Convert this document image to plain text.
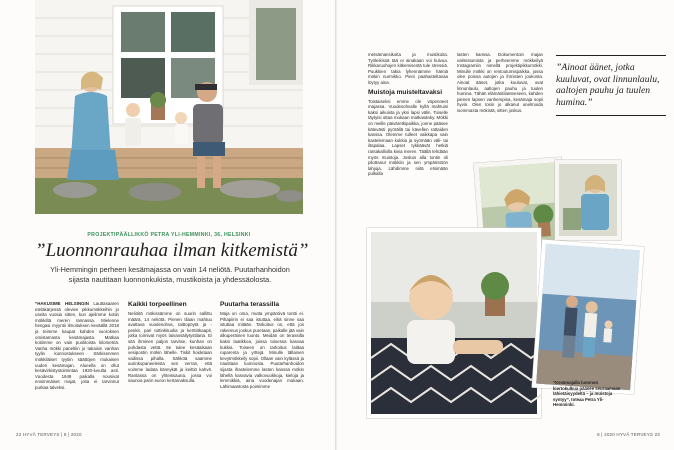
PROJEKTIPÄÄLLIKKÖ PETRA YLI-HEMMINKI, 36, HELSINKI
”Luonnonrauhaa ilman kitkemistä”
Yli-Hemmingin perheen kesämajassa on vain 14 neliötä. Puutarhanhoidon sijasta nautitaan luonnonkukista, mustikoista ja yhdessäolosta.

”HAKUSIME HELSINGIN Lauttasaaren eteläkärjessä olevien pikkumökkeihin jo useita vuosia sitten, kun ajelimme kotiin mökkiltä meren rannassa. Mielenne hengasi myyntii ilmoituksen keväällä 2018 ja teimme kaupat kahden vuoroksen omistamasta kesämajasta. Matkaa kotiimme on vain puolitoista kilometriä. Vanha mökki paneltiin jo takaisin vanhan tyylin kunnostukseen Särkisenmen mökkiläiset tyytiin säättöjen mukaisen uuden kesämajan. Alueella on ollut kesävirkistystoimintaa 1920-luvulta asti. Vuodesta 1949 paikalla nousivat ensimmäiset majat, joita ei tarvinnut purkaa talveksi.

Kaikki torpeellinen

Neliöitä mökissämme on suurin sallittu määrä, 14 neliötä. Pienen tilaan mahtuu avattava vuodesohva, taittopöytä ja -penkit, pari tottinkituolia ja kerttiökaapit, jotka toimivat myös laivansäilytystilana. Ei sitä ihminen paljon tarvitse, kunhan on puhdasta vettä. Se tulee kesäaikaan vesipostin mökin lähelle. Tiskit hoidetaan vadissa pihalla. Sähköä saamme aurinkopaneeleista sen verran, että voimme ladata kännykät ja keittiö kahvit. Rantassa on yhteissauna, jossa voi saunoa parin euron kertamaksulla.

Puutarha terassilla

Maja on oma, mutta ympäröivä tontti ei. Pihapiirin ei saa istuttaa, eikä sinne saa istuttaa mitään. Tarkoitus on, että jos rakennus joskus puretaan, paikalle jää vain alkuperäinen luonto. Meidän on terassilla kaksi laatikkoa, joissa toisessa kasvaa kukkia. Toiseen on tarkoitus laittaa ruparenta ja yrttejä. Minulle tällainen kevytmökkeily sopii. Ollaan vain kylässä ja nautitaan luonnosta. Puutarhanhoidon sijasta ihastelemme lasten kanssa mökin lähellä kasvavia valkovuokkoja, kieloja ja lemmikkiä, aina vuodenajan mukaan. Lähimaastosta poimimme

22 HYVÄ TERVEYS | 8 | 2020

metsämansikoita ja mustikoita. Työleikissä tää ei ainakaan voi kuivua. Rikkaruohojen kitkemisestä tule stressiä. Puukkien takia lyhennämme hämiä mökin nurmikko. Pieni paahasteltavaa löytyy aina.

Muistoja muisteltavaksi

Toistaiseksi emme ole vöpenneet majassa. Vuodesohvalle kyllä mahtuisi kaksi aikuista ja yksi lapsi välin. Toiselle täytyisi ottaa mukaan matkasänky. Mökki on meille päiväretkipaikka, jonne pääsee kätevästi pyörällä tai kävellen rattaiden kanssa. Olemme tulleet vaikkapa vain kastelemaan kukkia ja syömään väli- tai iltapalaa. Lapset tykkäävät hetkiä rantakalliolla kivia meren. Täällä tehdään myös muistoja. Joskus alla tontin oli pilottanut mökkiin ja sen ympäristöön lahjoja. Lähdimme niitä etsimään pulkalla

lasten kanssa. Dokumentoin majan valmistumista ja perheemme mökkeilyä Instagramiin nimellä projektipikkumökki. Minulle mökki on rentoutumispaikka, jossa olen poissa autojen ja ihmisten joukosta. Ainoat äänet, jotka kuuluvat, ovat linnunlaulu, aaltojen pauhu ja tuulen huminа. Tähän elämäntilanteeseen, kahden pienen lapsen vanhempina, kesämaja sopii hyvin. Olen tosin jo alkanut unelmoida isommasta mökistä, sitten joskus.

”Ainoat äänet, jotka kuuluvat, ovat linnunlaulu, aaltojen pauhu ja tuulen huminа.”
”Kesämajalla luonnon kiertokulkua pääsee seuraamaan lähietäisyydeltä – ja muistoja syntyy”, toteaa Petra Yli-Hemminki.
8 | 2020 HYVÄ TERVEYS 23
